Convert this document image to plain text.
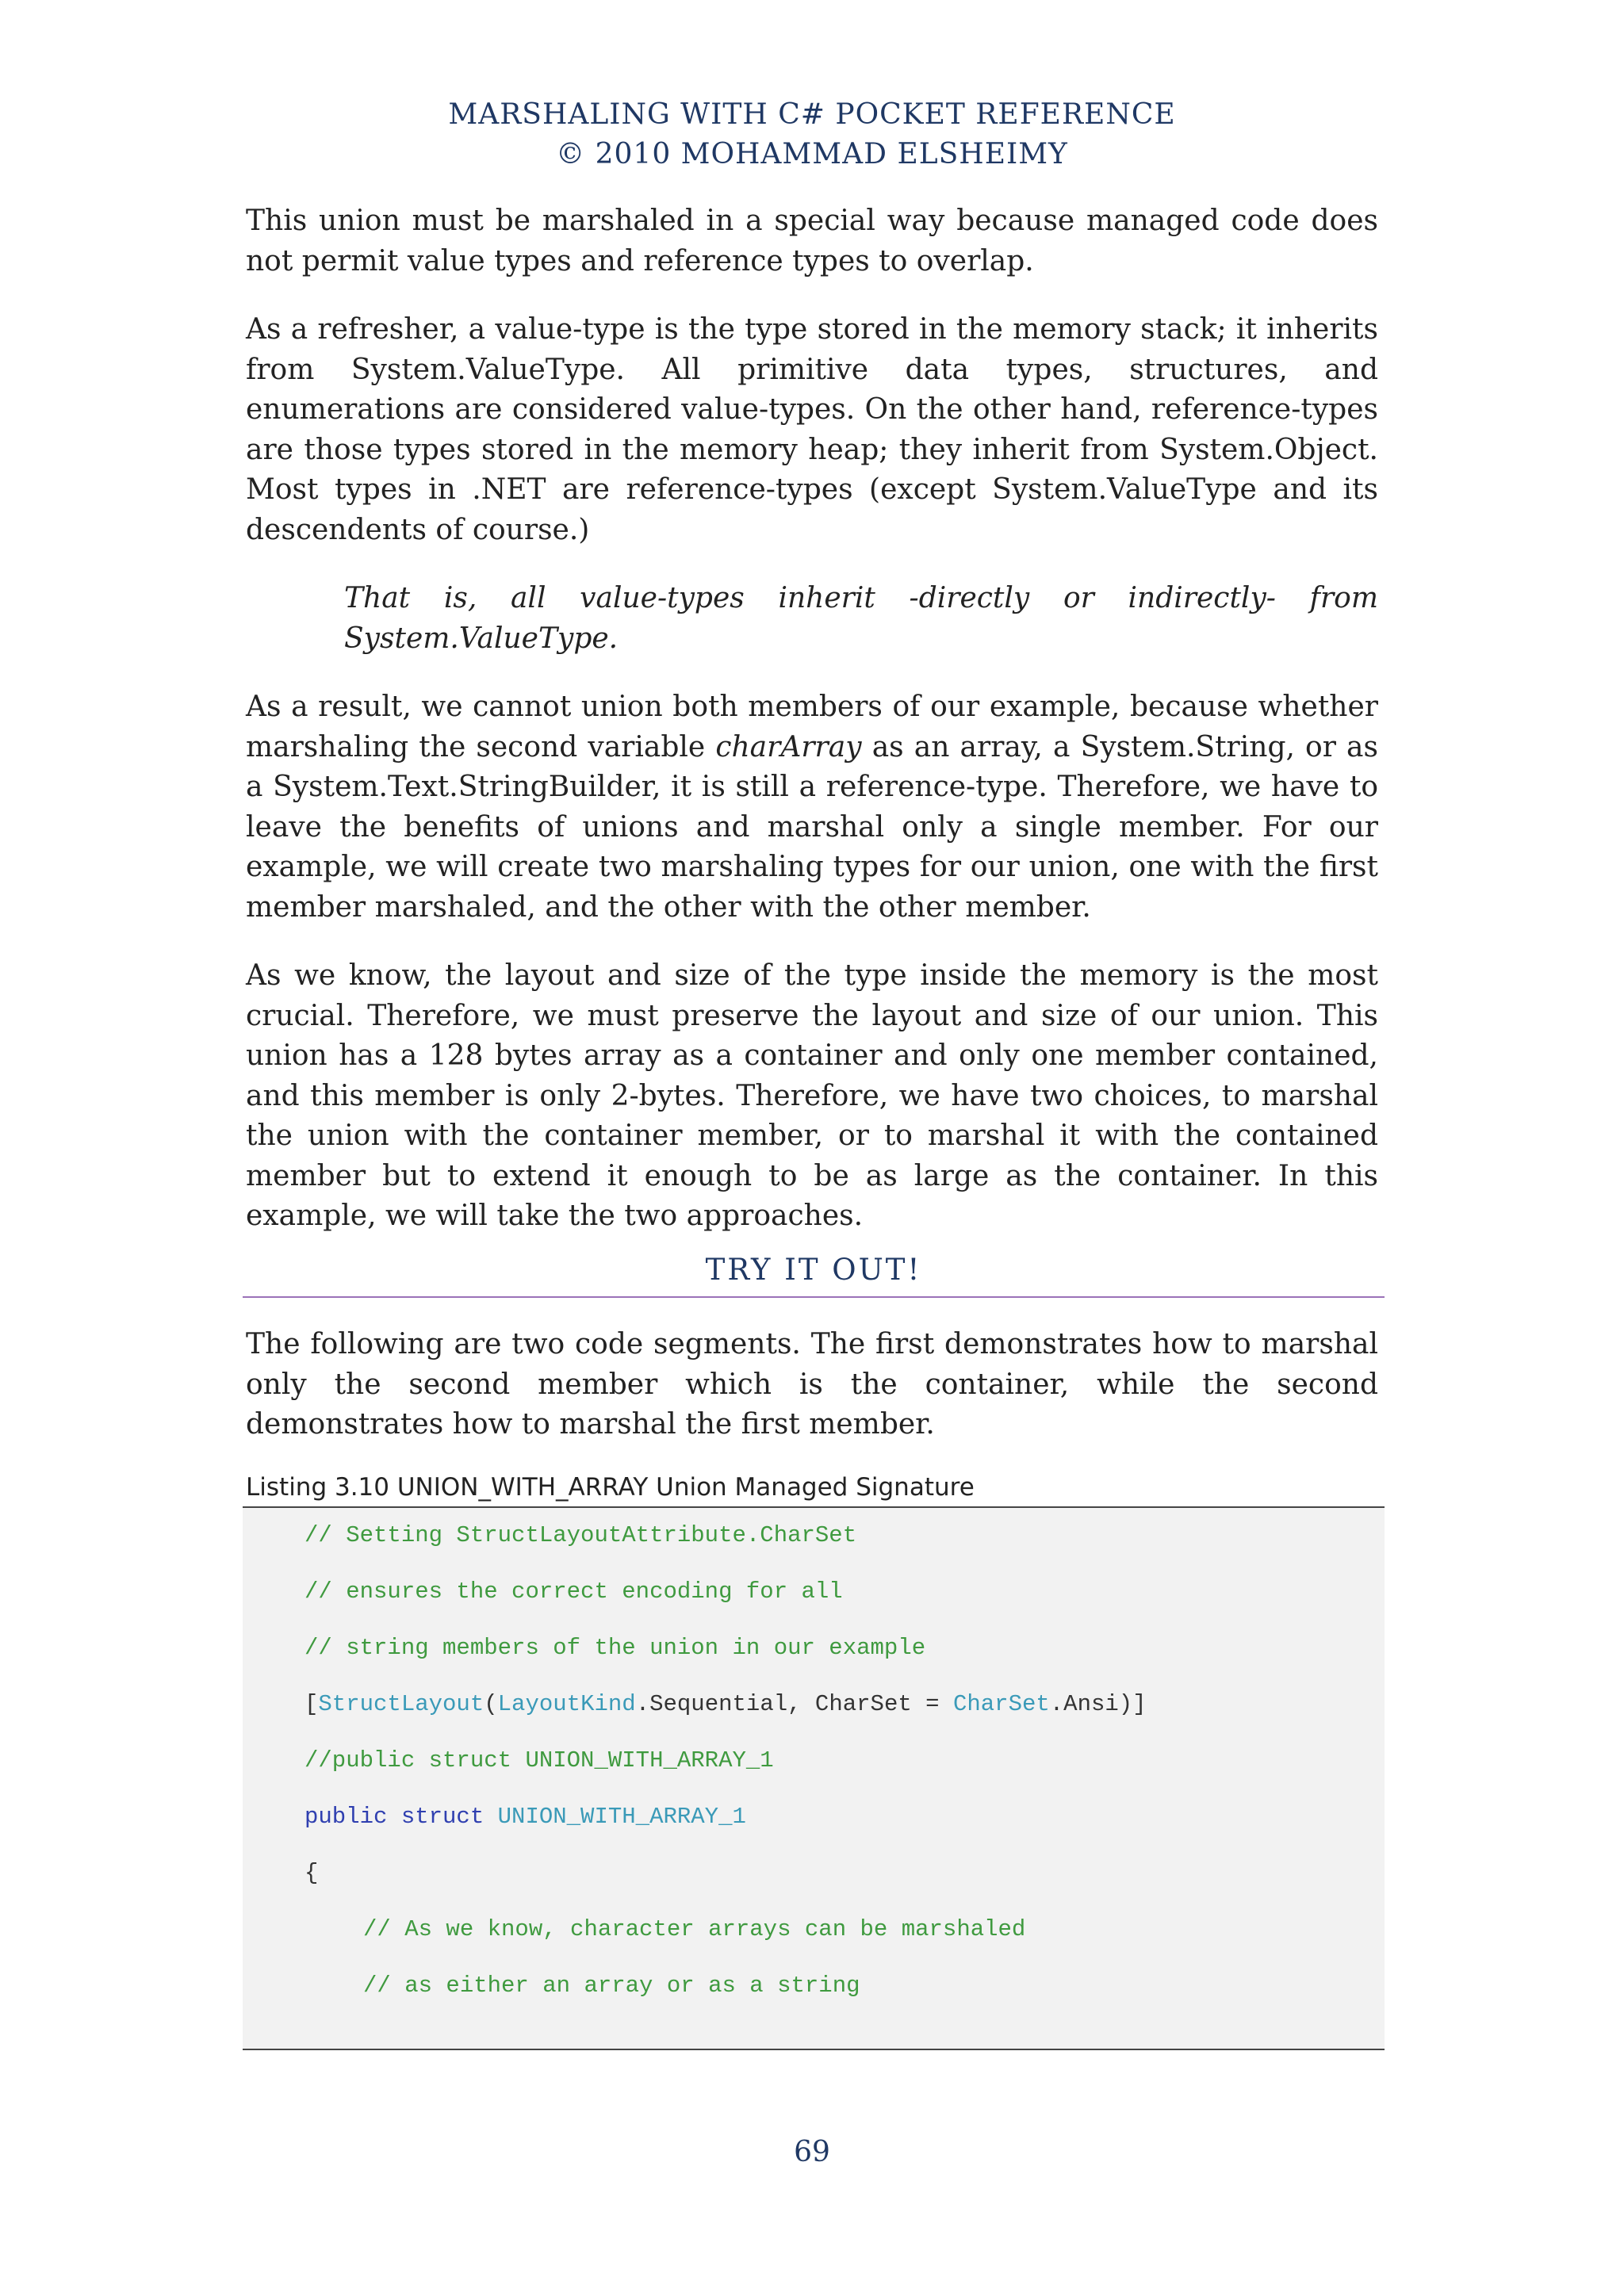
MARSHALING WITH C# POCKET REFERENCE
© 2010 MOHAMMAD ELSHEIMY

This union must be marshaled in a special way because managed code does not permit value types and reference types to overlap.

As a refresher, a value-type is the type stored in the memory stack; it inherits from System.ValueType. All primitive data types, structures, and enumerations are considered value-types. On the other hand, reference-types are those types stored in the memory heap; they inherit from System.Object. Most types in .NET are reference-types (except System.ValueType and its descendents of course.)

That is, all value-types inherit -directly or indirectly- from System.ValueType.

As a result, we cannot union both members of our example, because whether marshaling the second variable charArray as an array, a System.String, or as a System.Text.StringBuilder, it is still a reference-type. Therefore, we have to leave the benefits of unions and marshal only a single member. For our example, we will create two marshaling types for our union, one with the first member marshaled, and the other with the other member.

As we know, the layout and size of the type inside the memory is the most crucial. Therefore, we must preserve the layout and size of our union. This union has a 128 bytes array as a container and only one member contained, and this member is only 2-bytes. Therefore, we have two choices, to marshal the union with the container member, or to marshal it with the contained member but to extend it enough to be as large as the container. In this example, we will take the two approaches.

TRY IT OUT!

The following are two code segments. The first demonstrates how to marshal only the second member which is the container, while the second demonstrates how to marshal the first member.

Listing 3.10 UNION_WITH_ARRAY Union Managed Signature
// Setting StructLayoutAttribute.CharSet
// ensures the correct encoding for all
// string members of the union in our example
[StructLayout(LayoutKind.Sequential, CharSet = CharSet.Ansi)]
//public struct UNION_WITH_ARRAY_1
public struct UNION_WITH_ARRAY_1
{
// As we know, character arrays can be marshaled
// as either an array or as a string
69
